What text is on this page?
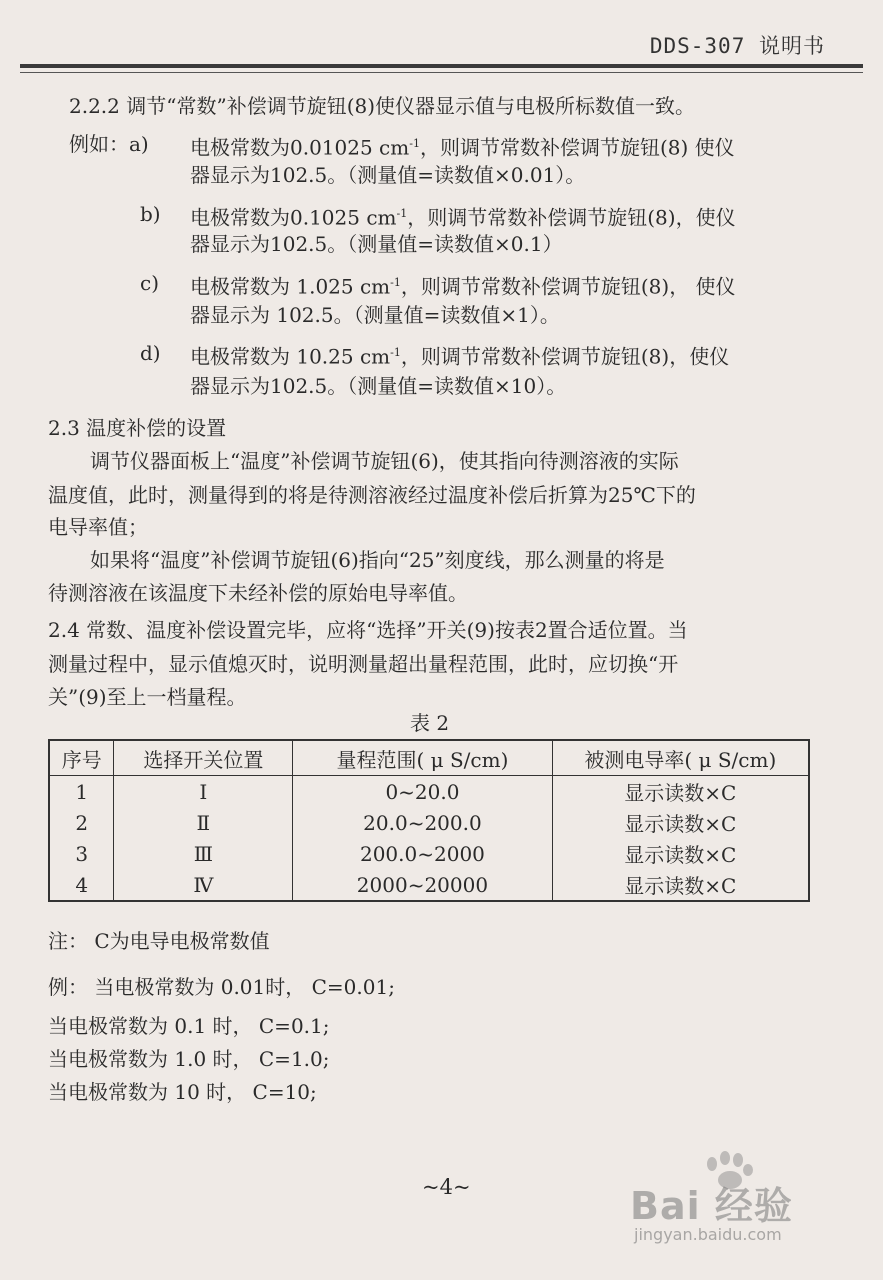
DDS-307 说明书
2.2.2 调节“常数”补偿调节旋钮(8)使仪器显示值与电极所标数值一致。
例如：a) 电极常数为0.01025 $cm^{-1}$，则调节常数补偿调节旋钮(8) 使仪
器显示为102.5。（测量值=读数值×0.01）。
b) 电极常数为0.1025 $cm^{-1}$，则调节常数补偿调节旋钮(8)，使仪
器显示为102.5。（测量值=读数值×0.1）
c) 电极常数为 1.025 $cm^{-1}$，则调节常数补偿调节旋钮(8)， 使仪
器显示为 102.5。（测量值=读数值×1）。
d) 电极常数为 10.25 $cm^{-1}$，则调节常数补偿调节旋钮(8)，使仪
器显示为102.5。（测量值=读数值×10）。
2.3 温度补偿的设置
调节仪器面板上“温度”补偿调节旋钮(6)，使其指向待测溶液的实际
温度值，此时，测量得到的将是待测溶液经过温度补偿后折算为25℃下的
电导率值；
如果将“温度”补偿调节旋钮(6)指向“25”刻度线，那么测量的将是
待测溶液在该温度下未经补偿的原始电导率值。
2.4 常数、温度补偿设置完毕，应将“选择”开关(9)按表2置合适位置。当
测量过程中，显示值熄灭时，说明测量超出量程范围，此时，应切换“开
关”(9)至上一档量程。
表 2
序号	选择开关位置	量程范围( μ S/cm)	被测电导率( μ S/cm)
1	Ⅰ	0~20.0	显示读数×C
2	Ⅱ	20.0~200.0	显示读数×C
3	Ⅲ	200.0~2000	显示读数×C
4	Ⅳ	2000~20000	显示读数×C
注： C为电导电极常数值
例： 当电极常数为 0.01时， C=0.01;
当电极常数为 0.1 时， C=0.1;
当电极常数为 1.0 时， C=1.0;
当电极常数为 10 时， C=10;
~4~	Bai 经验
jingyan.baidu.com
